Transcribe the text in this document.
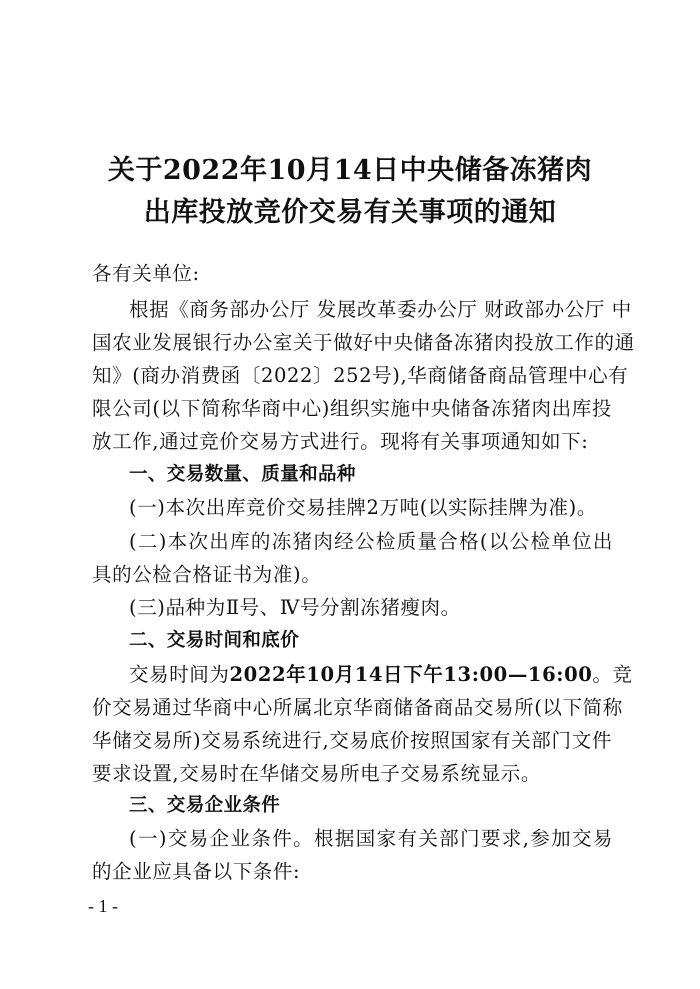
关于2022年10月14日中央储备冻猪肉
出库投放竞价交易有关事项的通知
各有关单位:
根据《商务部办公厅 发展改革委办公厅 财政部办公厅 中
国农业发展银行办公室关于做好中央储备冻猪肉投放工作的通
知》(商办消费函〔2022〕252号),华商储备商品管理中心有
限公司(以下简称华商中心)组织实施中央储备冻猪肉出库投
放工作,通过竞价交易方式进行。现将有关事项通知如下:
一、交易数量、质量和品种
(一)本次出库竞价交易挂牌2万吨(以实际挂牌为准)。
(二)本次出库的冻猪肉经公检质量合格(以公检单位出
具的公检合格证书为准)。
(三)品种为Ⅱ号、Ⅳ号分割冻猪瘦肉。
二、交易时间和底价
交易时间为2022年10月14日下午13:00—16:00。竞
价交易通过华商中心所属北京华商储备商品交易所(以下简称
华储交易所)交易系统进行,交易底价按照国家有关部门文件
要求设置,交易时在华储交易所电子交易系统显示。
三、交易企业条件
(一)交易企业条件。根据国家有关部门要求,参加交易
的企业应具备以下条件:
- 1 -
